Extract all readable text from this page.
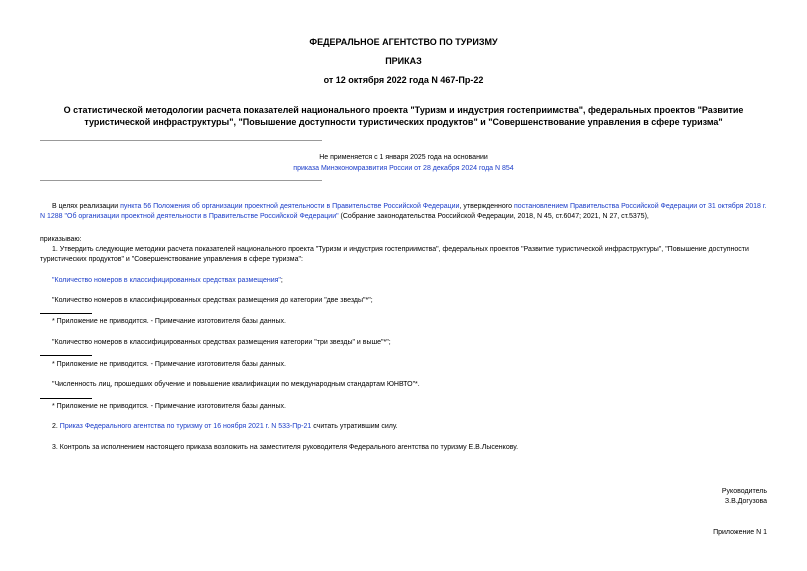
ФЕДЕРАЛЬНОЕ АГЕНТСТВО ПО ТУРИЗМУ
ПРИКАЗ
от 12 октября 2022 года N 467-Пр-22
О статистической методологии расчета показателей национального проекта "Туризм и индустрия гостеприимства", федеральных проектов "Развитие туристической инфраструктуры", "Повышение доступности туристических продуктов" и "Совершенствование управления в сфере туризма"
Не применяется с 1 января 2025 года на основании
приказа Минэкономразвития России от 28 декабря 2024 года N 854
В целях реализации пункта 56 Положения об организации проектной деятельности в Правительстве Российской Федерации, утвержденного постановлением Правительства Российской Федерации от 31 октября 2018 г. N 1288 "Об организации проектной деятельности в Правительстве Российской Федерации" (Собрание законодательства Российской Федерации, 2018, N 45, ст.6047; 2021, N 27, ст.5375),
приказываю:
1. Утвердить следующие методики расчета показателей национального проекта "Туризм и индустрия гостеприимства", федеральных проектов "Развитие туристической инфраструктуры", "Повышение доступности туристических продуктов" и "Совершенствование управления в сфере туризма":
"Количество номеров в классифицированных средствах размещения";
"Количество номеров в классифицированных средствах размещения до категории "две звезды"*";
* Приложение не приводится. - Примечание изготовителя базы данных.
"Количество номеров в классифицированных средствах размещения категории "три звезды" и выше"*";
* Приложение не приводится. - Примечание изготовителя базы данных.
"Численность лиц, прошедших обучение и повышение квалификации по международным стандартам ЮНВТО"*.
* Приложение не приводится. - Примечание изготовителя базы данных.
2. Приказ Федерального агентства по туризму от 16 ноября 2021 г. N 533-Пр-21 считать утратившим силу.
3. Контроль за исполнением настоящего приказа возложить на заместителя руководителя Федерального агентства по туризму Е.В.Лысенкову.
Руководитель
З.В.Догузова
Приложение N 1
